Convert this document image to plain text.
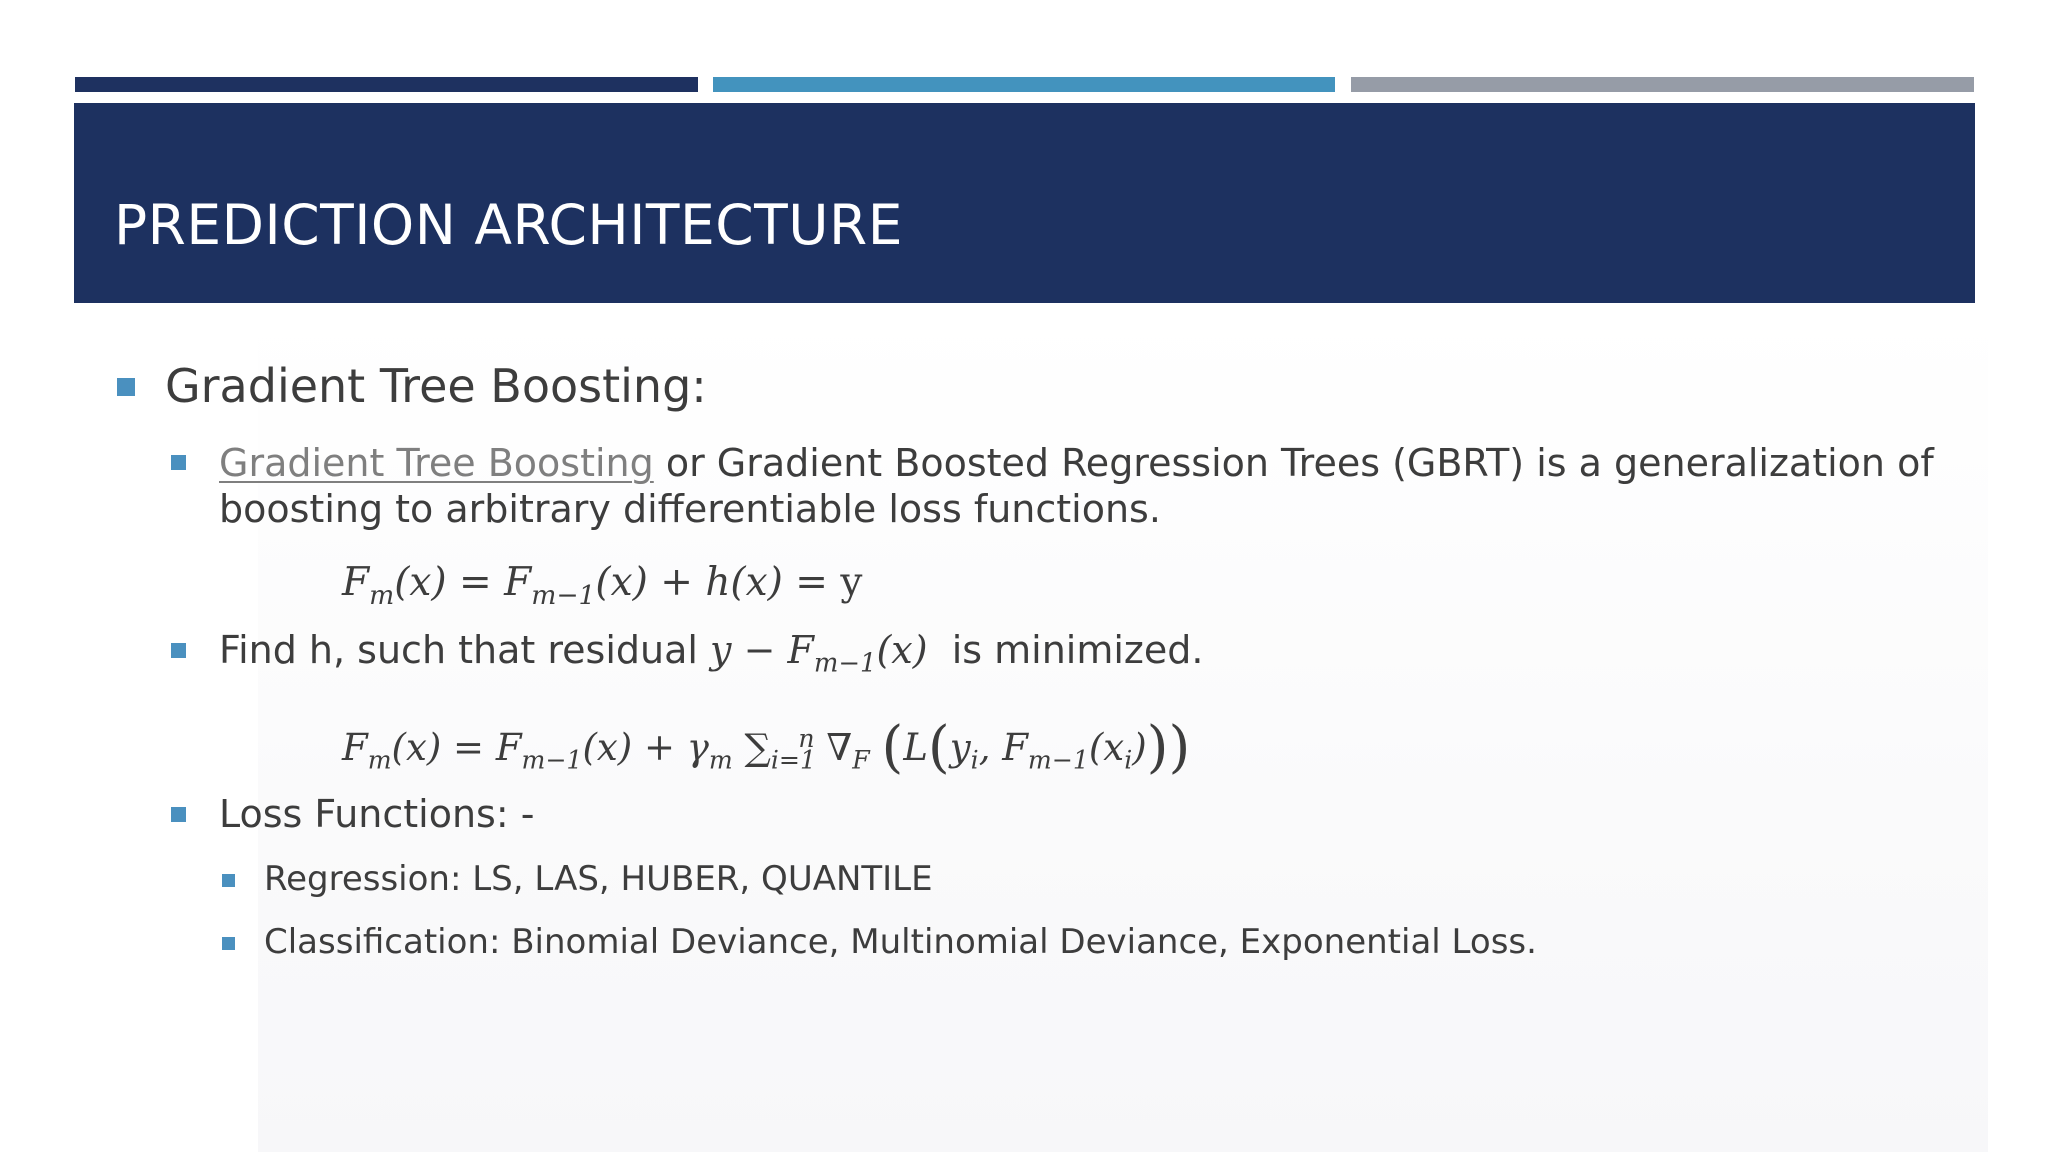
PREDICTION ARCHITECTURE

Gradient Tree Boosting:

Gradient Tree Boosting or Gradient Boosted Regression Trees (GBRT) is a generalization of
boosting to arbitrary differentiable loss functions.

$F_m(x) = F_{m-1}(x) + h(x) = y$

Find h, such that residual $y - F_{m-1}(x)$  is minimized.

$F_m(x) = F_{m-1}(x) + \gamma_m$ $\sum_{i=1}^n$ $\nabla_F$ ($L(y_i$, $F_{m-1}(x_i)$))

Loss Functions: -

Regression: LS, LAS, HUBER, QUANTILE

Classification: Binomial Deviance, Multinomial Deviance, Exponential Loss.
